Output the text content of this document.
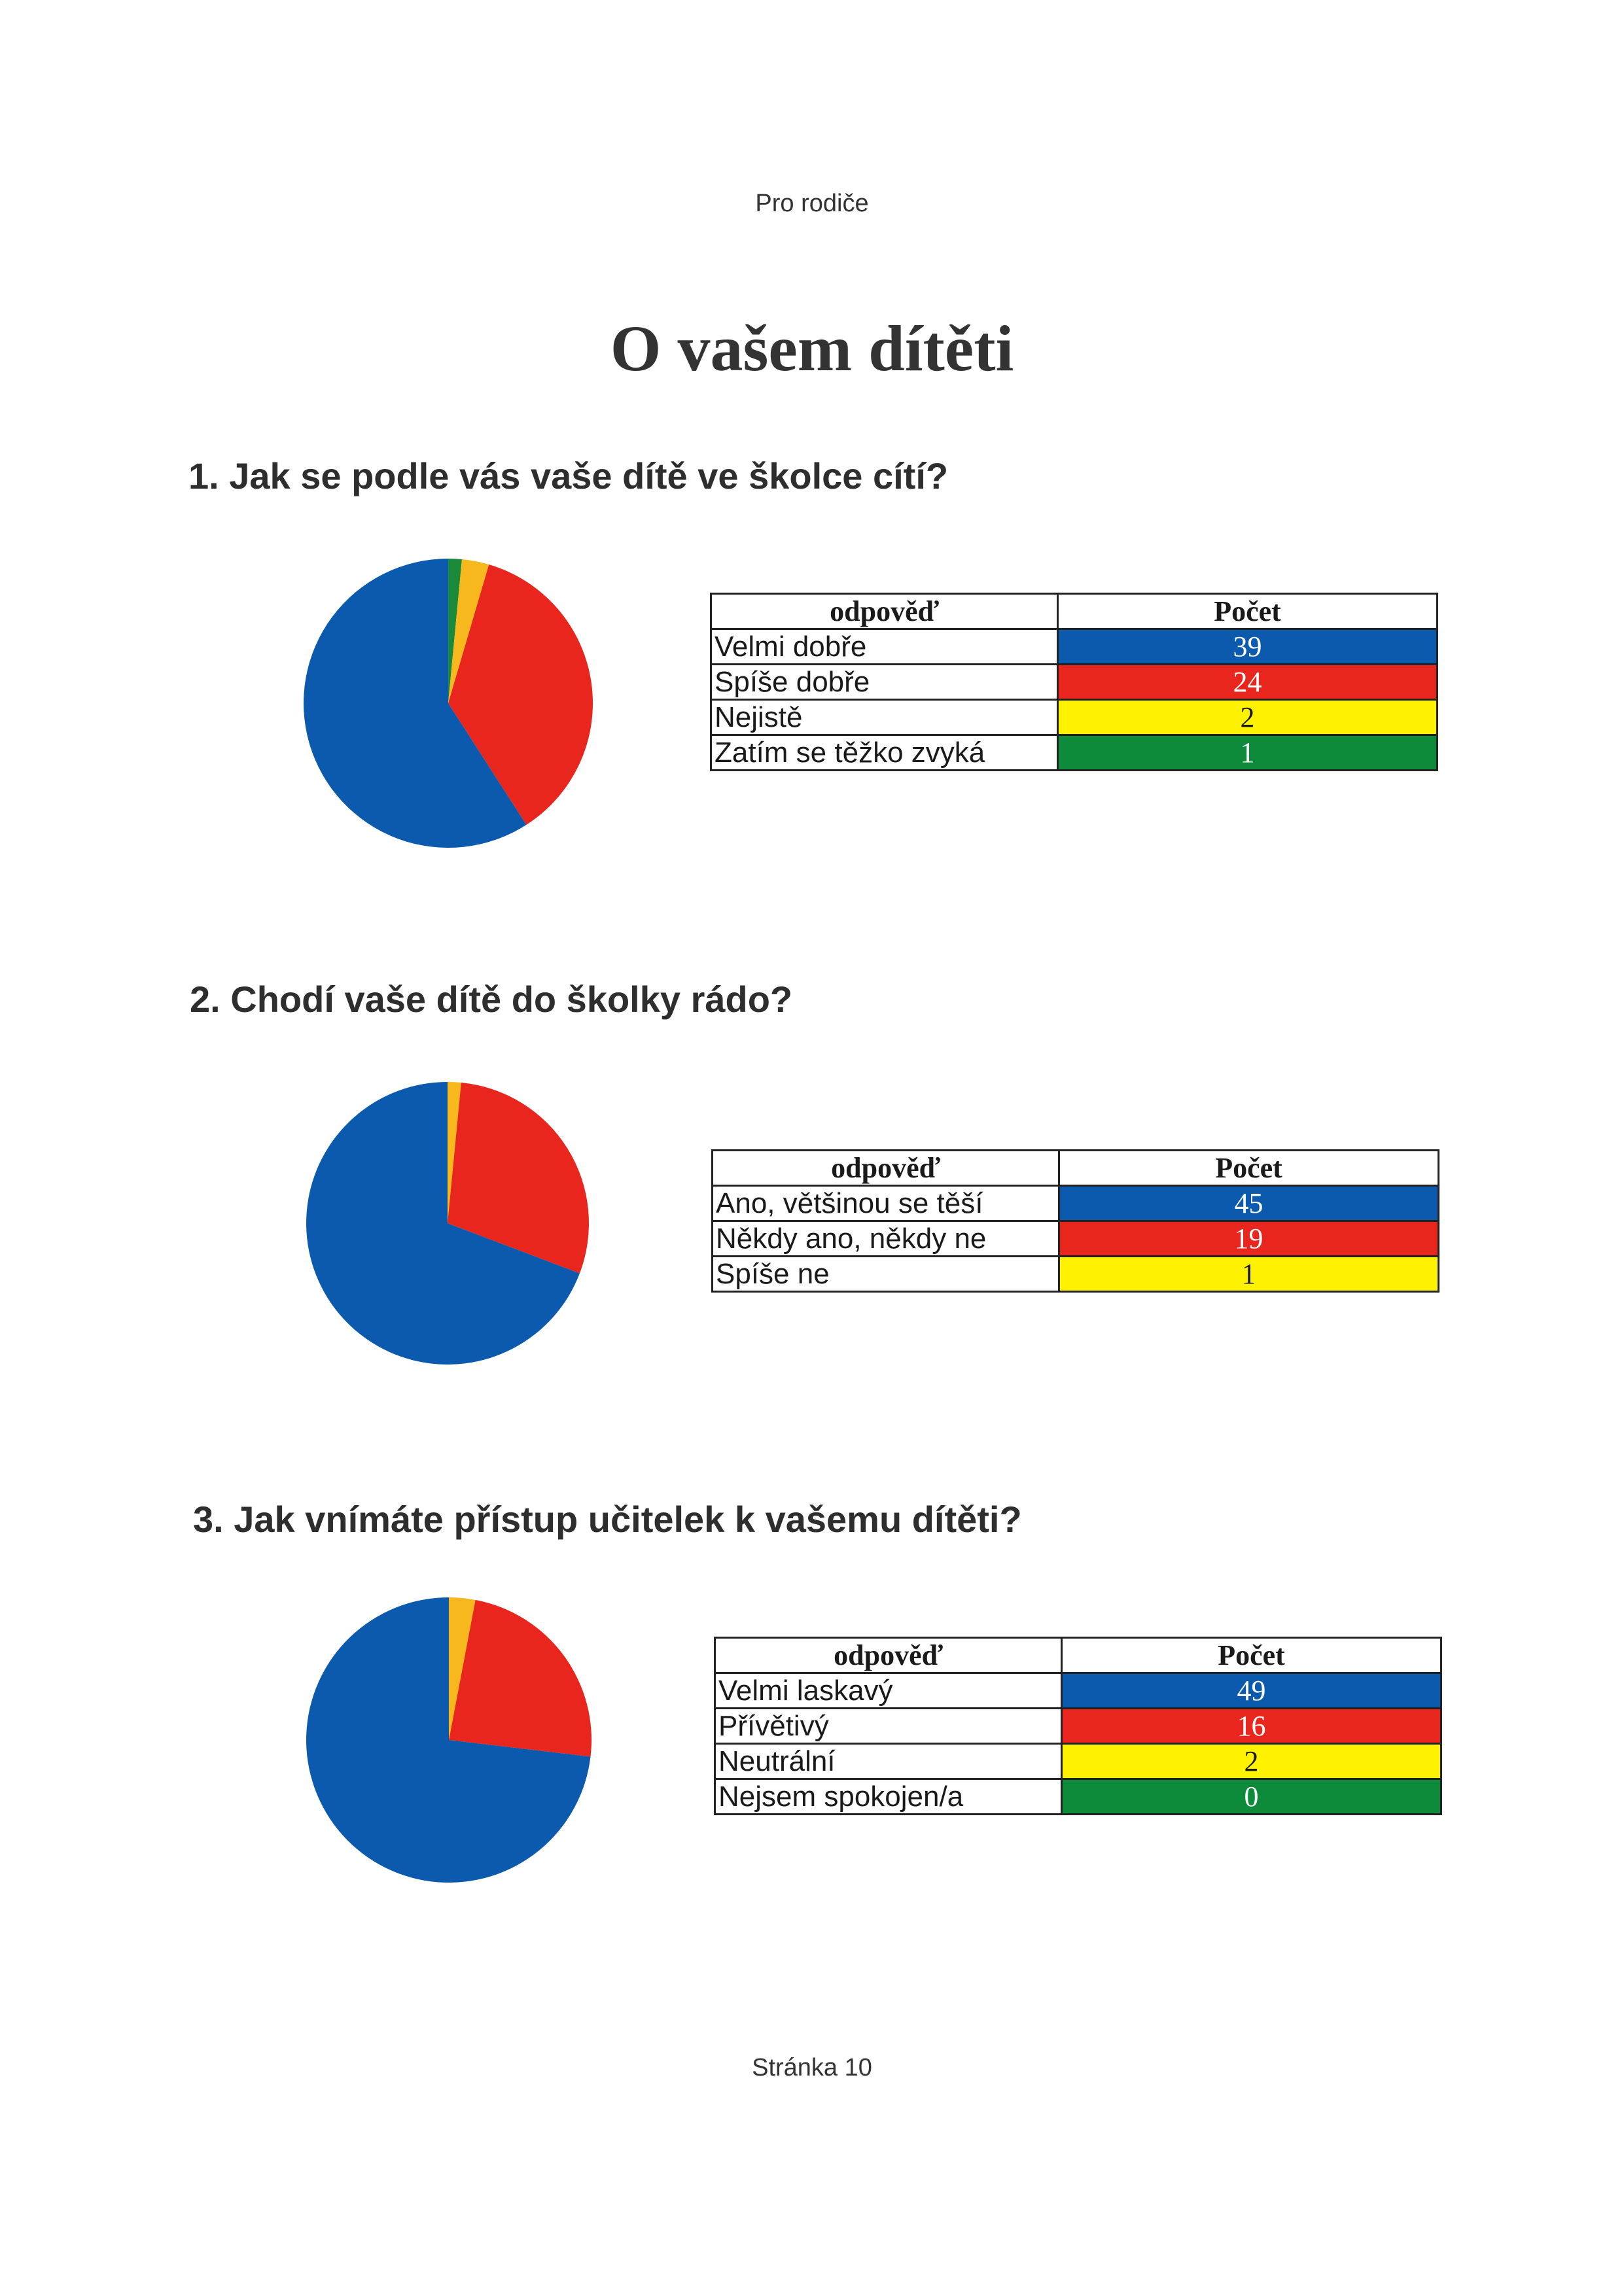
Pro rodiče
O vašem dítěti
1. Jak se podle vás vaše dítě ve školce cítí?
odpověď	Počet
Velmi dobře	39
Spíše dobře	24
Nejistě	2
Zatím se těžko zvyká	1
2. Chodí vaše dítě do školky rádo?
odpověď	Počet
Ano, většinou se těší	45
Někdy ano, někdy ne	19
Spíše ne	1
3. Jak vnímáte přístup učitelek k vašemu dítěti?
odpověď	Počet
Velmi laskavý	49
Přívětivý	16
Neutrální	2
Nejsem spokojen/a	0
Stránka 10
